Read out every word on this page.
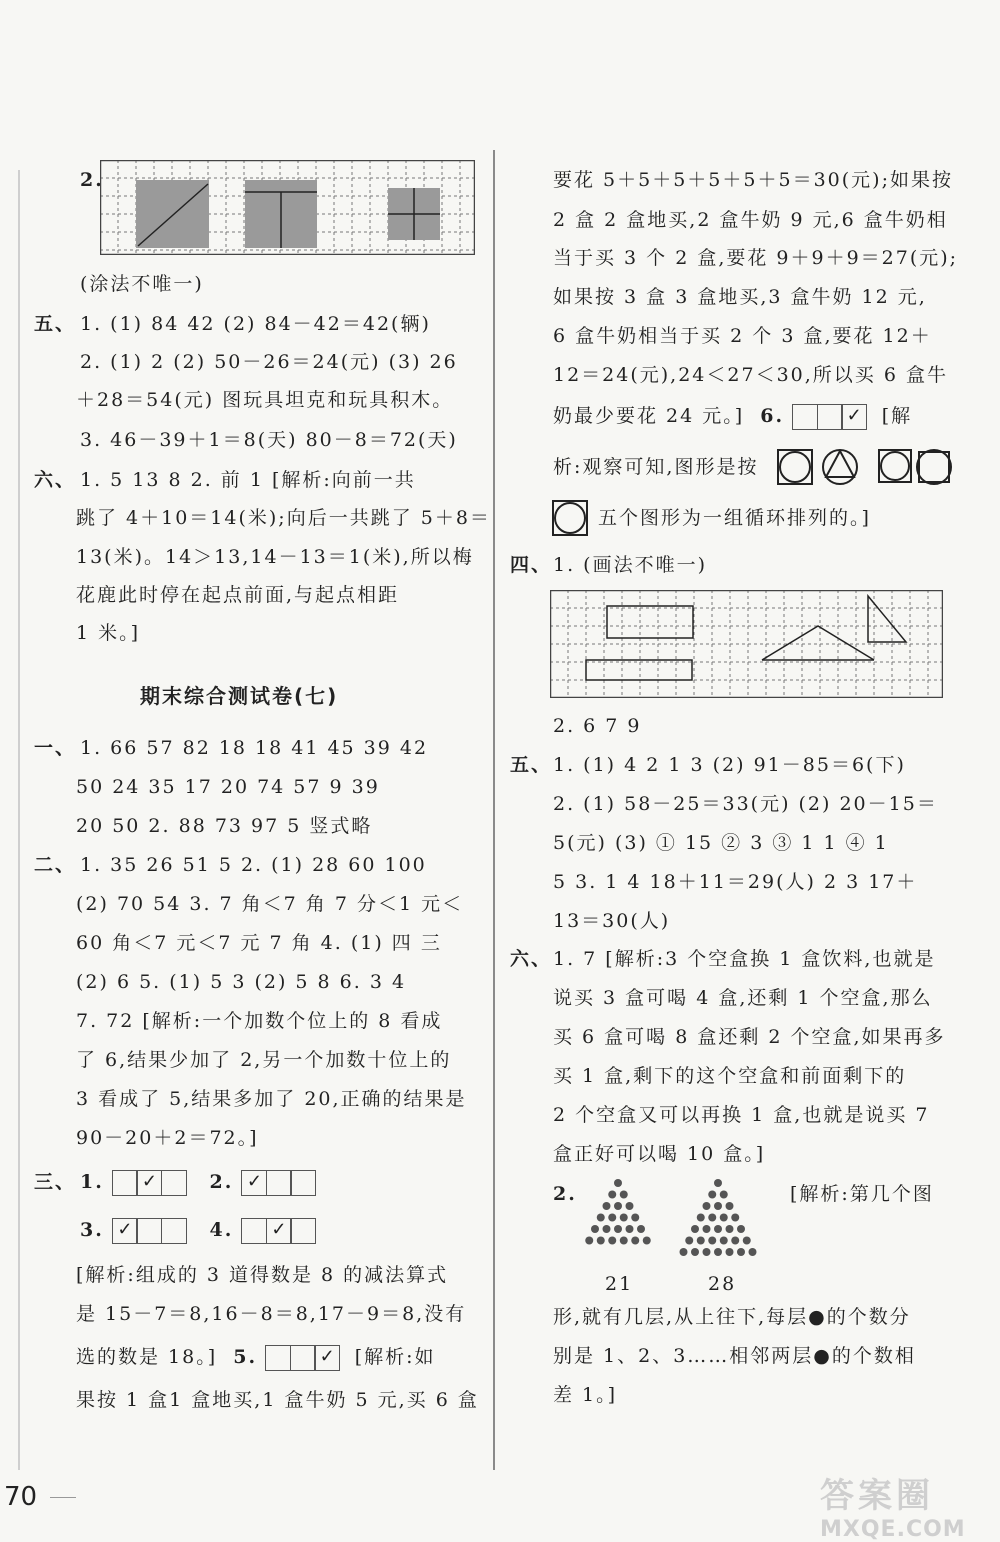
2.
(涂法不唯一)
五、 1. (1) 84 42 (2) 84－42＝42(辆)
2. (1) 2 (2) 50－26＝24(元) (3) 26
＋28＝54(元) 图玩具坦克和玩具积木。
3. 46－39＋1＝8(天) 80－8＝72(天)
六、 1. 5 13 8 2. 前 1 [解析:向前一共
跳了 4＋10＝14(米);向后一共跳了 5＋8＝
13(米)。14＞13,14－13＝1(米),所以梅
花鹿此时停在起点前面,与起点相距
1 米。]
期末综合测试卷(七)
一、 1. 66 57 82 18 18 41 45 39 42
50 24 35 17 20 74 57 9 39
20 50 2. 88 73 97 5 竖式略
二、 1. 35 26 51 5 2. (1) 28 60 100
(2) 70 54 3. 7 角＜7 角 7 分＜1 元＜
60 角＜7 元＜7 元 7 角 4. (1) 四 三
(2) 6 5. (1) 5 3 (2) 5 8 6. 3 4
7. 72 [解析:一个加数个位上的 8 看成
了 6,结果少加了 2,另一个加数十位上的
3 看成了 5,结果多加了 20,正确的结果是
90－20＋2＝72。]
三、 1. ✓	2. ✓
3. ✓	4. ✓
[解析:组成的 3 道得数是 8 的减法算式
是 15－7＝8,16－8＝8,17－9＝8,没有
选的数是 18。] 5.	✓ [解析:如
果按 1 盒1 盒地买,1 盒牛奶 5 元,买 6 盒
要花 5＋5＋5＋5＋5＋5＝30(元);如果按
2 盒 2 盒地买,2 盒牛奶 9 元,6 盒牛奶相
当于买 3 个 2 盒,要花 9＋9＋9＝27(元);
如果按 3 盒 3 盒地买,3 盒牛奶 12 元,
6 盒牛奶相当于买 2 个 3 盒,要花 12＋
12＝24(元),24＜27＜30,所以买 6 盒牛
奶最少要花 24 元。] 6.	✓ [解
析:观察可知,图形是按
五个图形为一组循环排列的。]
四、 1. (画法不唯一)
2. 6 7 9
五、 1. (1) 4 2 1 3 (2) 91－85＝6(下)
2. (1) 58－25＝33(元) (2) 20－15＝
5(元) (3) ① 15 ② 3 ③ 1 1 ④ 1
5 3. 1 4 18＋11＝29(人) 2 3 17＋
13＝30(人)
六、 1. 7 [解析:3 个空盒换 1 盒饮料,也就是
说买 3 盒可喝 4 盒,还剩 1 个空盒,那么
买 6 盒可喝 8 盒还剩 2 个空盒,如果再多
买 1 盒,剩下的这个空盒和前面剩下的
2 个空盒又可以再换 1 盒,也就是说买 7
盒正好可以喝 10 盒。]
2.	[解析:第几个图
21	28
形,就有几层,从上往下,每层●的个数分
别是 1、2、3……相邻两层●的个数相
差 1。]
70	答案圈
MXQE.COM
